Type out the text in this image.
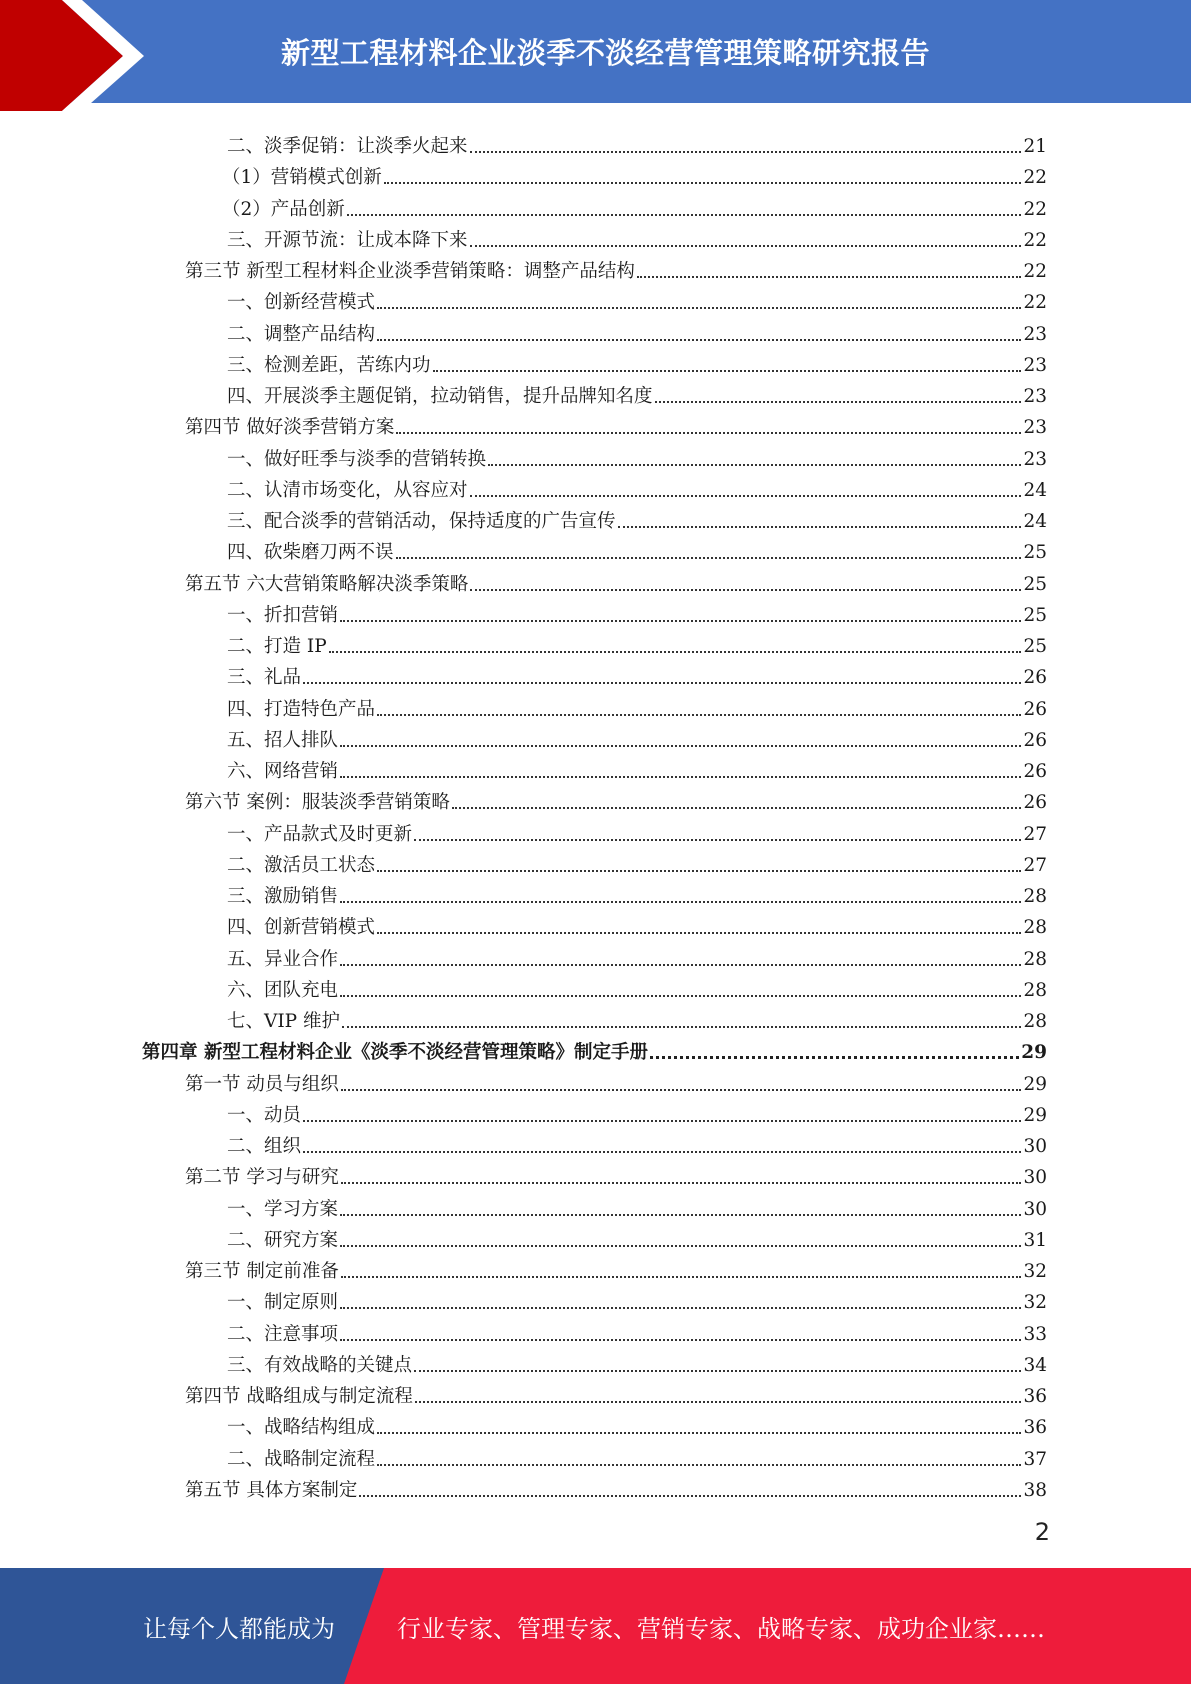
新型工程材料企业淡季不淡经营管理策略研究报告
二、淡季促销：让淡季火起来	21
（1）营销模式创新	22
（2）产品创新	22
三、开源节流：让成本降下来	22
第三节 新型工程材料企业淡季营销策略：调整产品结构	22
一、创新经营模式	22
二、调整产品结构	23
三、检测差距，苦练内功	23
四、开展淡季主题促销，拉动销售，提升品牌知名度	23
第四节 做好淡季营销方案	23
一、做好旺季与淡季的营销转换	23
二、认清市场变化，从容应对	24
三、配合淡季的营销活动，保持适度的广告宣传	24
四、砍柴磨刀两不误	25
第五节 六大营销策略解决淡季策略	25
一、折扣营销	25
二、打造 IP	25
三、礼品	26
四、打造特色产品	26
五、招人排队	26
六、网络营销	26
第六节 案例：服装淡季营销策略	26
一、产品款式及时更新	27
二、激活员工状态	27
三、激励销售	28
四、创新营销模式	28
五、异业合作	28
六、团队充电	28
七、VIP 维护	28
第四章 新型工程材料企业《淡季不淡经营管理策略》制定手册	29
第一节 动员与组织	29
一、动员	29
二、组织	30
第二节 学习与研究	30
一、学习方案	30
二、研究方案	31
第三节 制定前准备	32
一、制定原则	32
二、注意事项	33
三、有效战略的关键点	34
第四节 战略组成与制定流程	36
一、战略结构组成	36
二、战略制定流程	37
第五节 具体方案制定	38
2
让每个人都能成为	行业专家、管理专家、营销专家、战略专家、成功企业家……
